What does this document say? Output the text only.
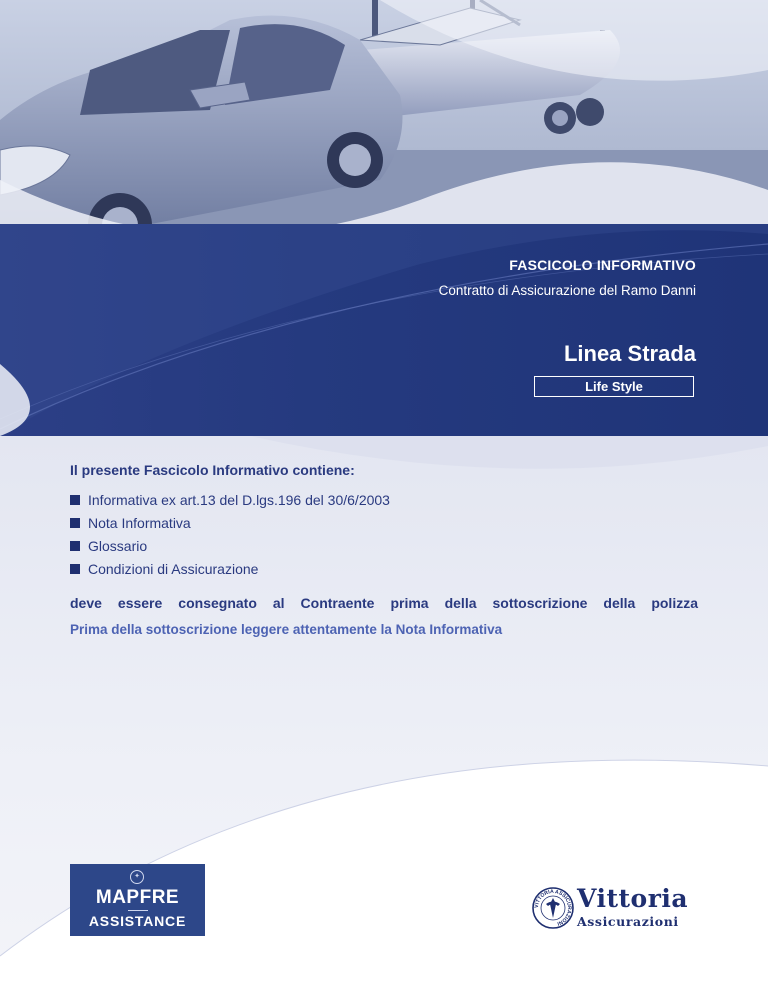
FASCICOLO INFORMATIVO
Contratto di Assicurazione del Ramo Danni
Linea Strada
Life Style
Il presente Fascicolo Informativo contiene:
Informativa ex art.13 del D.lgs.196 del 30/6/2003
Nota Informativa
Glossario
Condizioni di Assicurazione
deve essere consegnato al Contraente prima della sottoscrizione della polizza
Prima della sottoscrizione leggere attentamente la Nota Informativa
✦
MAPFRE
ASSISTANCE
VITTORIA ASSICURAZIONI
Vittoria
Assicurazioni
